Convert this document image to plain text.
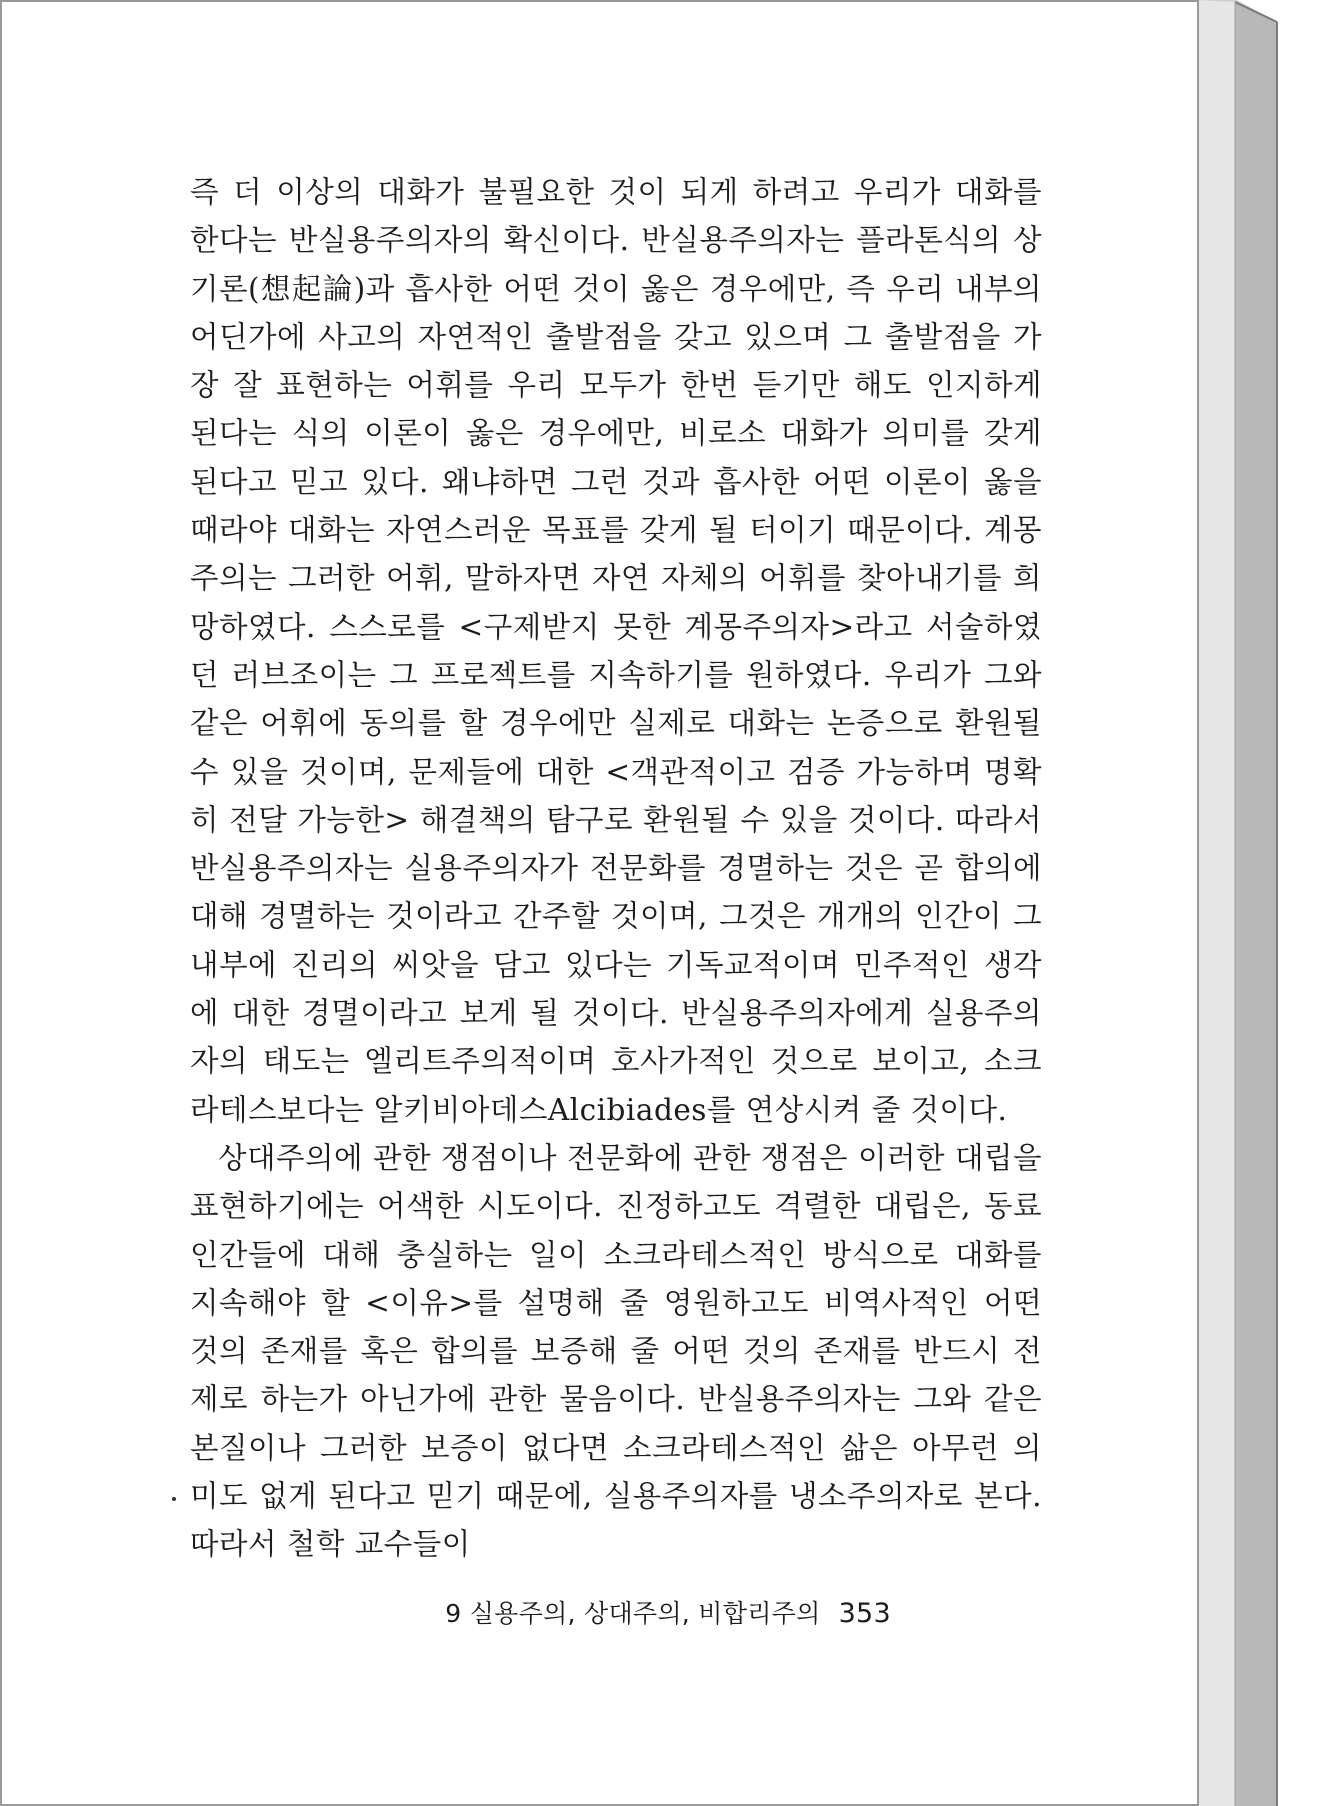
즉 더 이상의 대화가 불필요한 것이 되게 하려고 우리가 대화를 한다는 반실용주의자의 확신이다. 반실용주의자는 플라톤식의 상기론(想起論)과 흡사한 어떤 것이 옳은 경우에만, 즉 우리 내부의 어딘가에 사고의 자연적인 출발점을 갖고 있으며 그 출발점을 가장 잘 표현하는 어휘를 우리 모두가 한번 듣기만 해도 인지하게 된다는 식의 이론이 옳은 경우에만, 비로소 대화가 의미를 갖게 된다고 믿고 있다. 왜냐하면 그런 것과 흡사한 어떤 이론이 옳을 때라야 대화는 자연스러운 목표를 갖게 될 터이기 때문이다. 계몽주의는 그러한 어휘, 말하자면 자연 자체의 어휘를 찾아내기를 희망하였다. 스스로를 <구제받지 못한 계몽주의자>라고 서술하였던 러브조이는 그 프로젝트를 지속하기를 원하였다. 우리가 그와 같은 어휘에 동의를 할 경우에만 실제로 대화는 논증으로 환원될 수 있을 것이며, 문제들에 대한 <객관적이고 검증 가능하며 명확히 전달 가능한> 해결책의 탐구로 환원될 수 있을 것이다. 따라서 반실용주의자는 실용주의자가 전문화를 경멸하는 것은 곧 합의에 대해 경멸하는 것이라고 간주할 것이며, 그것은 개개의 인간이 그 내부에 진리의 씨앗을 담고 있다는 기독교적이며 민주적인 생각에 대한 경멸이라고 보게 될 것이다. 반실용주의자에게 실용주의자의 태도는 엘리트주의적이며 호사가적인 것으로 보이고, 소크라테스보다는 알키비아데스Alcibiades를 연상시켜 줄 것이다.

상대주의에 관한 쟁점이나 전문화에 관한 쟁점은 이러한 대립을 표현하기에는 어색한 시도이다. 진정하고도 격렬한 대립은, 동료 인간들에 대해 충실하는 일이 소크라테스적인 방식으로 대화를 지속해야 할 <이유>를 설명해 줄 영원하고도 비역사적인 어떤 것의 존재를 혹은 합의를 보증해 줄 어떤 것의 존재를 반드시 전제로 하는가 아닌가에 관한 물음이다. 반실용주의자는 그와 같은 본질이나 그러한 보증이 없다면 소크라테스적인 삶은 아무런 의미도 없게 된다고 믿기 때문에, 실용주의자를 냉소주의자로 본다. 따라서 철학 교수들이

9 실용주의, 상대주의, 비합리주의 353
